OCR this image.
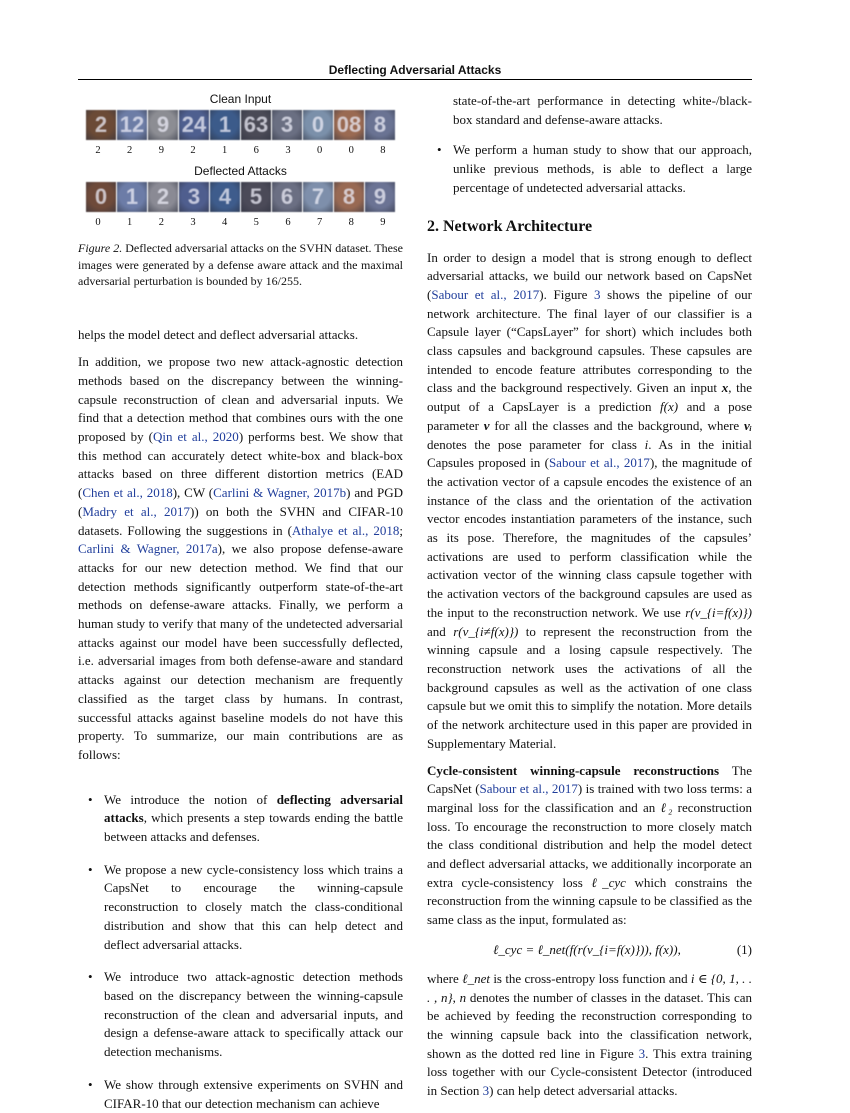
Deflecting Adversarial Attacks

Clean Input

2 12 9 24 1 63 3 0 08 8
2	2	9	2	1	6	3	0	0	8

Deflected Attacks

0 1 2 3 4 5 6 7 8 9
0	1	2	3	4	5	6	7	8	9
Figure 2. Deflected adversarial attacks on the SVHN dataset. These images were generated by a defense aware attack and the maximal adversarial perturbation is bounded by 16/255.

helps the model detect and deflect adversarial attacks.

In addition, we propose two new attack-agnostic detection methods based on the discrepancy between the winning-capsule reconstruction of clean and adversarial inputs. We find that a detection method that combines ours with the one proposed by (Qin et al., 2020) performs best. We show that this method can accurately detect white-box and black-box attacks based on three different distortion metrics (EAD (Chen et al., 2018), CW (Carlini & Wagner, 2017b) and PGD (Madry et al., 2017)) on both the SVHN and CIFAR-10 datasets. Following the suggestions in (Athalye et al., 2018; Carlini & Wagner, 2017a), we also propose defense-aware attacks for our new detection method. We find that our detection methods significantly outperform state-of-the-art methods on defense-aware attacks. Finally, we perform a human study to verify that many of the undetected adversarial attacks against our model have been successfully deflected, i.e. adversarial images from both defense-aware and standard attacks against our detection mechanism are frequently classified as the target class by humans. In contrast, successful attacks against baseline models do not have this property. To summarize, our main contributions are as follows:

• We introduce the notion of deflecting adversarial attacks, which presents a step towards ending the battle between attacks and defenses.
• We propose a new cycle-consistency loss which trains a CapsNet to encourage the winning-capsule reconstruction to closely match the class-conditional distribution and show that this can help detect and deflect adversarial attacks.
• We introduce two attack-agnostic detection methods based on the discrepancy between the winning-capsule reconstruction of the clean and adversarial inputs, and design a defense-aware attack to specifically attack our detection mechanisms.
• We show through extensive experiments on SVHN and CIFAR-10 that our detection mechanism can achieve
state-of-the-art performance in detecting white-/black-box standard and defense-aware attacks.
• We perform a human study to show that our approach, unlike previous methods, is able to deflect a large percentage of undetected adversarial attacks.
2. Network Architecture

In order to design a model that is strong enough to deflect adversarial attacks, we build our network based on CapsNet (Sabour et al., 2017). Figure 3 shows the pipeline of our network architecture. The final layer of our classifier is a Capsule layer (“CapsLayer” for short) which includes both class capsules and background capsules. These capsules are intended to encode feature attributes corresponding to the class and the background respectively. Given an input x, the output of a CapsLayer is a prediction f(x) and a pose parameter v for all the classes and the background, where vᵢ denotes the pose parameter for class i. As in the initial Capsules proposed in (Sabour et al., 2017), the magnitude of the activation vector of a capsule encodes the existence of an instance of the class and the orientation of the activation vector encodes instantiation parameters of the instance, such as its pose. Therefore, the magnitudes of the capsules’ activations are used to perform classification while the activation vector of the winning class capsule together with the activation vectors of the background capsules are used as the input to the reconstruction network. We use r(v_{i=f(x)}) and r(v_{i≠f(x)}) to represent the reconstruction from the winning capsule and a losing capsule respectively. The reconstruction network uses the activations of all the background capsules as well as the activation of one class capsule but we omit this to simplify the notation. More details of the network architecture used in this paper are provided in Supplementary Material.

Cycle-consistent winning-capsule reconstructions The CapsNet (Sabour et al., 2017) is trained with two loss terms: a marginal loss for the classification and an ℓ₂ reconstruction loss. To encourage the reconstruction to more closely match the class conditional distribution and help the model detect and deflect adversarial attacks, we additionally incorporate an extra cycle-consistency loss ℓ_cyc which constrains the reconstruction from the winning capsule to be classified as the same class as the input, formulated as:

ℓ_cyc = ℓ_net(f(r(v_{i=f(x)})), f(x)),	(1)

where ℓ_net is the cross-entropy loss function and i ∈ {0, 1, . . . , n}, n denotes the number of classes in the dataset. This can be achieved by feeding the reconstruction corresponding to the winning capsule back into the classification network, shown as the dotted red line in Figure 3. This extra training loss together with our Cycle-consistent Detector (introduced in Section 3) can help detect adversarial attacks.
